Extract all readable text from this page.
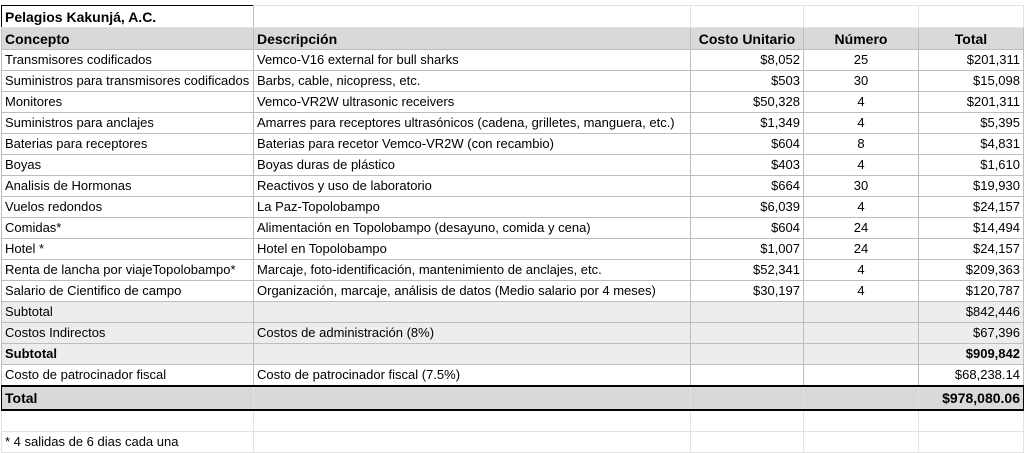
Pelagios Kakunjá, A.C.				
Concepto	Descripción	Costo Unitario	Número	Total
Transmisores codificados	Vemco-V16 external for bull sharks	$8,052	25	$201,311
Suministros para transmisores codificados	Barbs, cable, nicopress, etc.	$503	30	$15,098
Monitores	Vemco-VR2W ultrasonic receivers	$50,328	4	$201,311
Suministros para anclajes	Amarres para receptores ultrasónicos (cadena, grilletes, manguera, etc.)	$1,349	4	$5,395
Baterias para receptores	Baterias para recetor Vemco-VR2W (con recambio)	$604	8	$4,831
Boyas	Boyas duras de plástico	$403	4	$1,610
Analisis de Hormonas	Reactivos y uso de laboratorio	$664	30	$19,930
Vuelos redondos	La Paz-Topolobampo	$6,039	4	$24,157
Comidas*	Alimentación en Topolobampo (desayuno, comida y cena)	$604	24	$14,494
Hotel *	Hotel en Topolobampo	$1,007	24	$24,157
Renta de lancha por viajeTopolobampo*	Marcaje, foto-identificación, mantenimiento de anclajes, etc.	$52,341	4	$209,363
Salario de Cientifico de campo	Organización, marcaje, análisis de datos (Medio salario por 4 meses)	$30,197	4	$120,787
Subtotal				$842,446
Costos Indirectos	Costos de administración (8%)			$67,396
Subtotal				$909,842
Costo de patrocinador fiscal	Costo de patrocinador fiscal (7.5%)			$68,238.14
Total				$978,080.06

* 4 salidas de 6 dias cada una				
